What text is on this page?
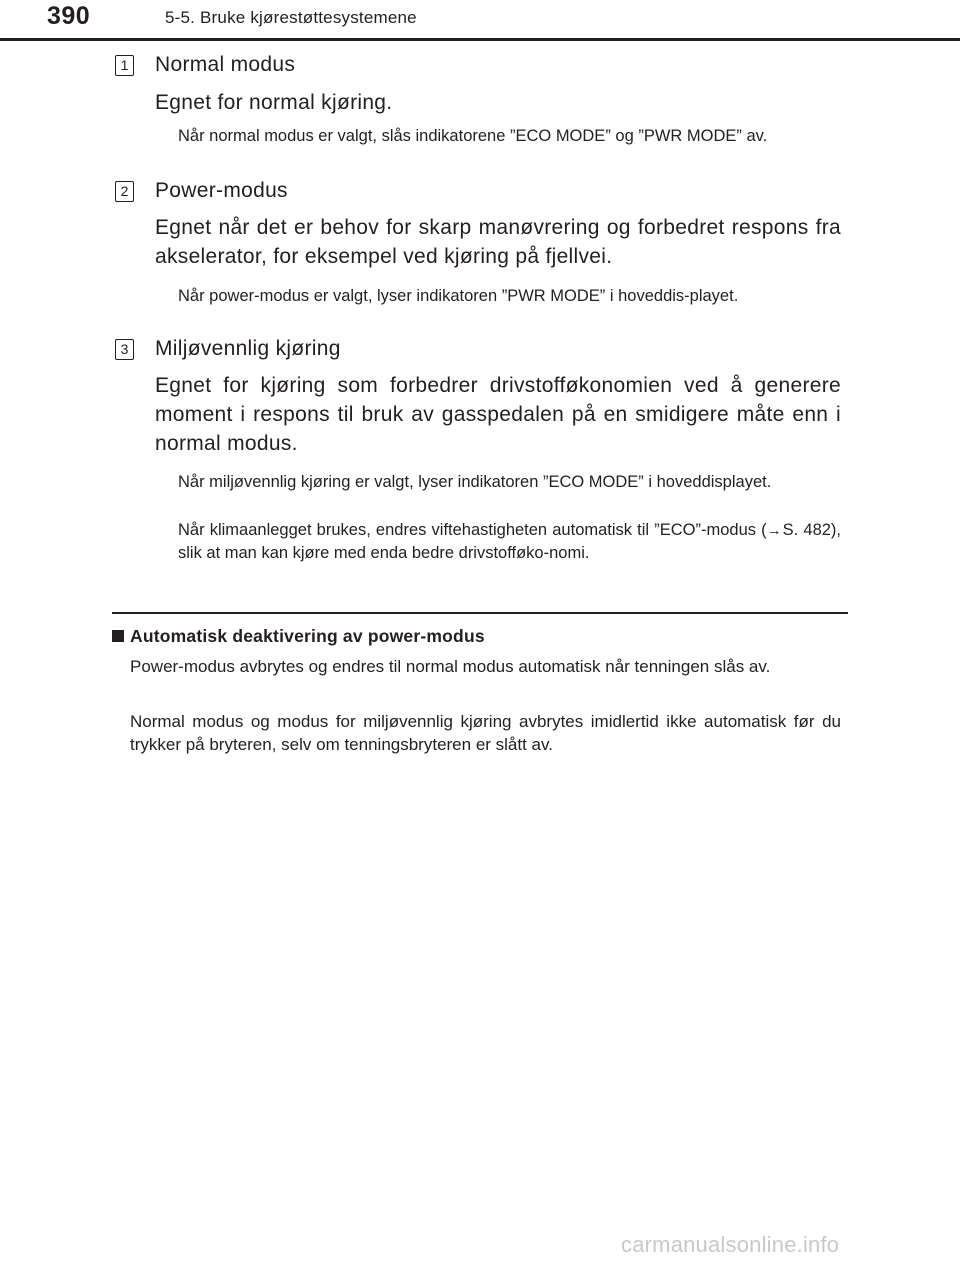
390	5-5. Bruke kjørestøttesystemene
1 Normal modus
Egnet for normal kjøring.
Når normal modus er valgt, slås indikatorene ”ECO MODE” og ”PWR MODE” av.
2 Power-modus
Egnet når det er behov for skarp manøvrering og forbedret respons fra akselerator, for eksempel ved kjøring på fjellvei.
Når power-modus er valgt, lyser indikatoren ”PWR MODE” i hoveddis-playet.
3 Miljøvennlig kjøring
Egnet for kjøring som forbedrer drivstofføkonomien ved å generere moment i respons til bruk av gasspedalen på en smidigere måte enn i normal modus.
Når miljøvennlig kjøring er valgt, lyser indikatoren ”ECO MODE” i hoveddisplayet.
Når klimaanlegget brukes, endres viftehastigheten automatisk til ”ECO”-modus (→S. 482), slik at man kan kjøre med enda bedre drivstofføko-nomi.
Automatisk deaktivering av power-modus
Power-modus avbrytes og endres til normal modus automatisk når tenningen slås av.
Normal modus og modus for miljøvennlig kjøring avbrytes imidlertid ikke automatisk før du trykker på bryteren, selv om tenningsbryteren er slått av.
carmanualsonline.info
